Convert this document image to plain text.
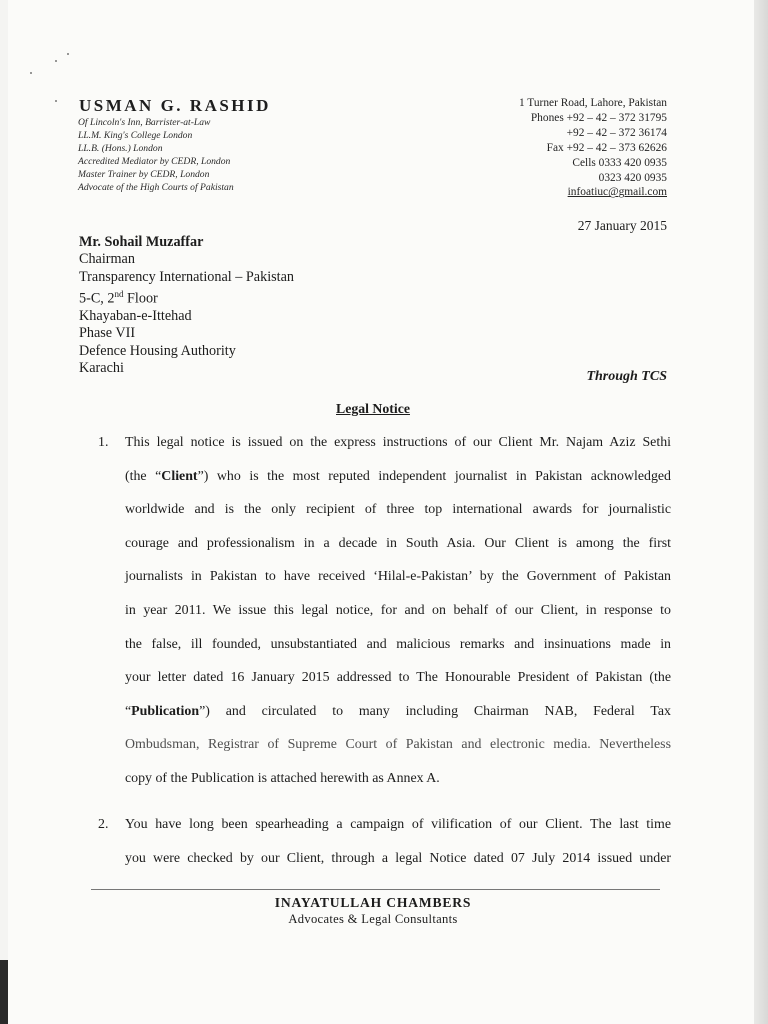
USMAN G. RASHID
Of Lincoln's Inn, Barrister-at-Law
LL.M. King's College London
LL.B. (Hons.) London
Accredited Mediator by CEDR, London
Master Trainer by CEDR, London
Advocate of the High Courts of Pakistan
1 Turner Road, Lahore, Pakistan
Phones +92 – 42 – 372 31795
+92 – 42 – 372 36174
Fax +92 – 42 – 373 62626
Cells 0333 420 0935
0323 420 0935
infoatiuc@gmail.com
27 January 2015
Mr. Sohail Muzaffar
Chairman
Transparency International – Pakistan
5-C, 2nd Floor
Khayaban-e-Ittehad
Phase VII
Defence Housing Authority
Karachi
Through TCS
Legal Notice
1. This legal notice is issued on the express instructions of our Client Mr. Najam Aziz Sethi
(the “Client”) who is the most reputed independent journalist in Pakistan acknowledged
worldwide and is the only recipient of three top international awards for journalistic
courage and professionalism in a decade in South Asia. Our Client is among the first
journalists in Pakistan to have received ‘Hilal-e-Pakistan’ by the Government of Pakistan
in year 2011. We issue this legal notice, for and on behalf of our Client, in response to
the false, ill founded, unsubstantiated and malicious remarks and insinuations made in
your letter dated 16 January 2015 addressed to The Honourable President of Pakistan (the
“Publication”) and circulated to many including Chairman NAB, Federal Tax
Ombudsman, Registrar of Supreme Court of Pakistan and electronic media. Nevertheless
copy of the Publication is attached herewith as Annex A.
2. You have long been spearheading a campaign of vilification of our Client. The last time
you were checked by our Client, through a legal Notice dated 07 July 2014 issued under
INAYATULLAH CHAMBERS
Advocates & Legal Consultants
